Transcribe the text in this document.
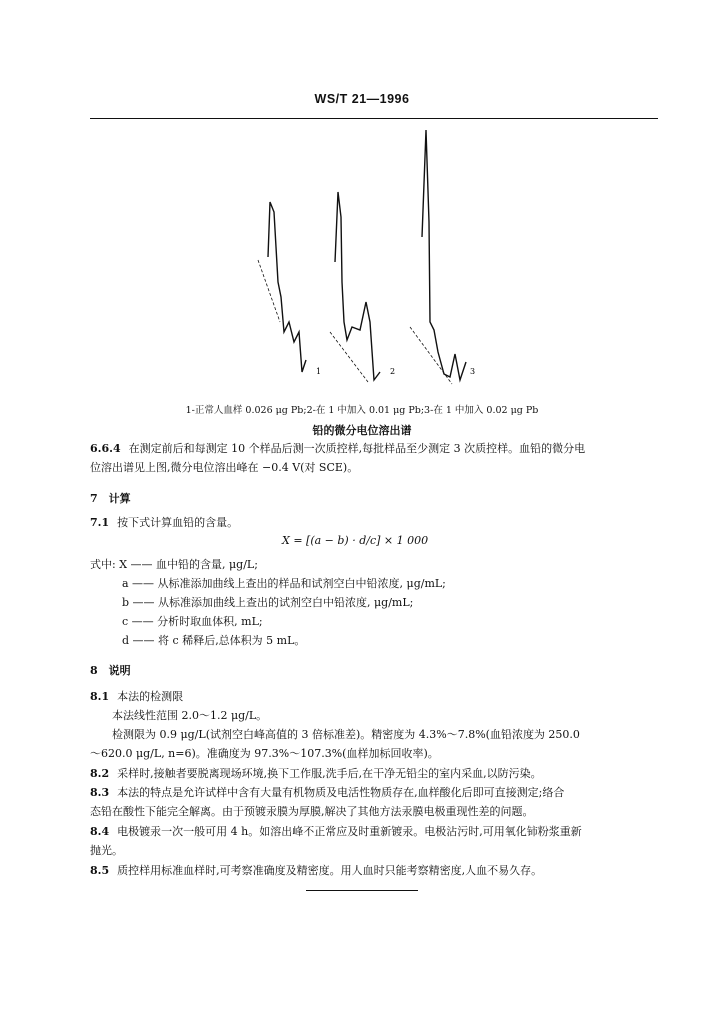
WS/T 21—1996
1	2	3
1-正常人血样 0.026 μg Pb;2-在 1 中加入 0.01 μg Pb;3-在 1 中加入 0.02 μg Pb
铅的微分电位溶出谱
6.6.4 在测定前后和每测定 10 个样品后测一次质控样,每批样品至少测定 3 次质控样。血铅的微分电
位溶出谱见上图,微分电位溶出峰在 −0.4 V(对 SCE)。
7　计算
7.1 按下式计算血铅的含量。
X = [(a − b) · d/c] × 1 000
式中: X —— 血中铅的含量, μg/L;
a —— 从标准添加曲线上查出的样品和试剂空白中铅浓度, μg/mL;
b —— 从标准添加曲线上查出的试剂空白中铅浓度, μg/mL;
c —— 分析时取血体积, mL;
d —— 将 c 稀释后,总体积为 5 mL。
8　说明
8.1 本法的检测限
本法线性范围 2.0～1.2 μg/L。
检测限为 0.9 μg/L(试剂空白峰高值的 3 倍标准差)。精密度为 4.3%～7.8%(血铅浓度为 250.0
～620.0 μg/L, n=6)。准确度为 97.3%～107.3%(血样加标回收率)。
8.2 采样时,接触者要脱离现场环境,换下工作服,洗手后,在干净无铅尘的室内采血,以防污染。
8.3 本法的特点是允许试样中含有大量有机物质及电活性物质存在,血样酸化后即可直接测定;络合
态铅在酸性下能完全解离。由于预镀汞膜为厚膜,解决了其他方法汞膜电极重现性差的问题。
8.4 电极镀汞一次一般可用 4 h。如溶出峰不正常应及时重新镀汞。电极沾污时,可用氧化铈粉浆重新
抛光。
8.5 质控样用标准血样时,可考察准确度及精密度。用人血时只能考察精密度,人血不易久存。
